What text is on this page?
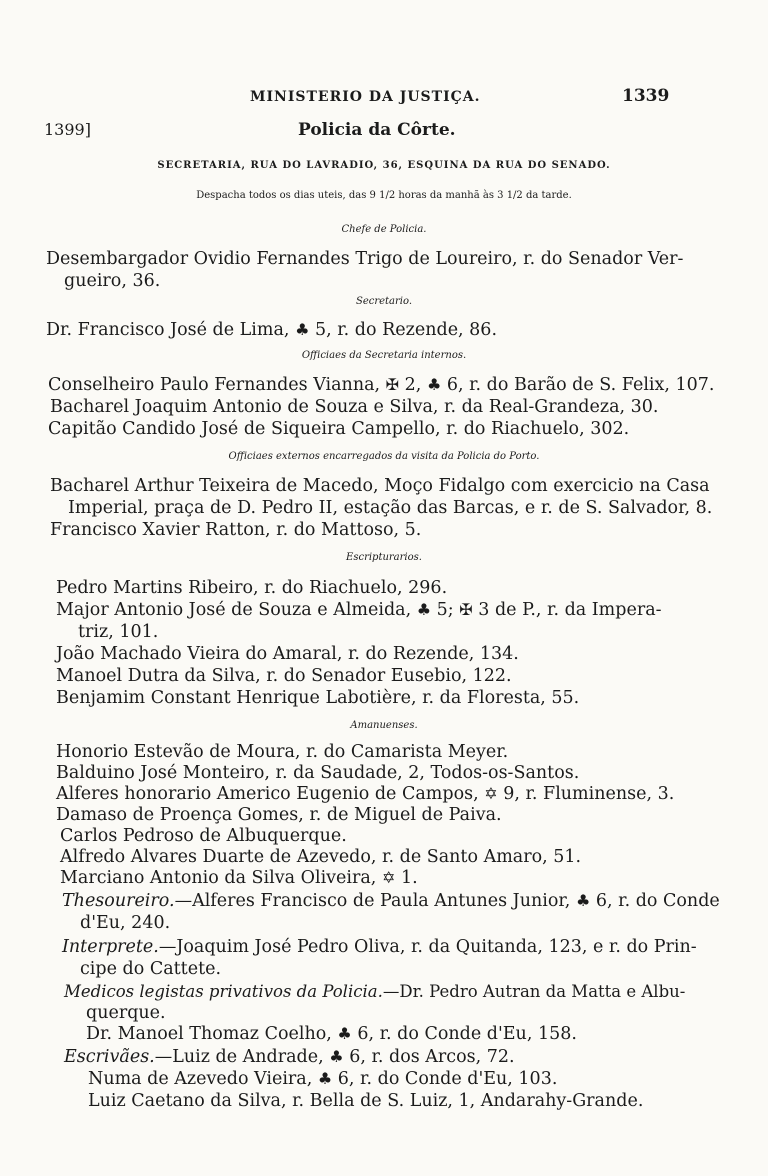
MINISTERIO DA JUSTIÇA.	1339
1399]	Policia da Côrte.
SECRETARIA, RUA DO LAVRADIO, 36, ESQUINA DA RUA DO SENADO.
Despacha todos os dias uteis, das 9 1/2 horas da manhã às 3 1/2 da tarde.
Chefe de Policia.
Desembargador Ovidio Fernandes Trigo de Loureiro, r. do Senador Ver-
gueiro, 36.
Secretario.
Dr. Francisco José de Lima, ♣ 5, r. do Rezende, 86.
Officiaes da Secretaria internos.
Conselheiro Paulo Fernandes Vianna, ✠ 2, ♣ 6, r. do Barão de S. Felix, 107.
Bacharel Joaquim Antonio de Souza e Silva, r. da Real-Grandeza, 30.
Capitão Candido José de Siqueira Campello, r. do Riachuelo, 302.
Officiaes externos encarregados da visita da Policia do Porto.
Bacharel Arthur Teixeira de Macedo, Moço Fidalgo com exercicio na Casa
Imperial, praça de D. Pedro II, estação das Barcas, e r. de S. Salvador, 8.
Francisco Xavier Ratton, r. do Mattoso, 5.
Escripturarios.
Pedro Martins Ribeiro, r. do Riachuelo, 296.
Major Antonio José de Souza e Almeida, ♣ 5; ✠ 3 de P., r. da Impera-
triz, 101.
João Machado Vieira do Amaral, r. do Rezende, 134.
Manoel Dutra da Silva, r. do Senador Eusebio, 122.
Benjamim Constant Henrique Labotière, r. da Floresta, 55.
Amanuenses.
Honorio Estevão de Moura, r. do Camarista Meyer.
Balduino José Monteiro, r. da Saudade, 2, Todos-os-Santos.
Alferes honorario Americo Eugenio de Campos, ✡ 9, r. Fluminense, 3.
Damaso de Proença Gomes, r. de Miguel de Paiva.
Carlos Pedroso de Albuquerque.
Alfredo Alvares Duarte de Azevedo, r. de Santo Amaro, 51.
Marciano Antonio da Silva Oliveira, ✡ 1.
Thesoureiro.—Alferes Francisco de Paula Antunes Junior, ♣ 6, r. do Conde
d'Eu, 240.
Interprete.—Joaquim José Pedro Oliva, r. da Quitanda, 123, e r. do Prin-
cipe do Cattete.
Medicos legistas privativos da Policia.—Dr. Pedro Autran da Matta e Albu-
querque.
Dr. Manoel Thomaz Coelho, ♣ 6, r. do Conde d'Eu, 158.
Escrivães.—Luiz de Andrade, ♣ 6, r. dos Arcos, 72.
Numa de Azevedo Vieira, ♣ 6, r. do Conde d'Eu, 103.
Luiz Caetano da Silva, r. Bella de S. Luiz, 1, Andarahy-Grande.
